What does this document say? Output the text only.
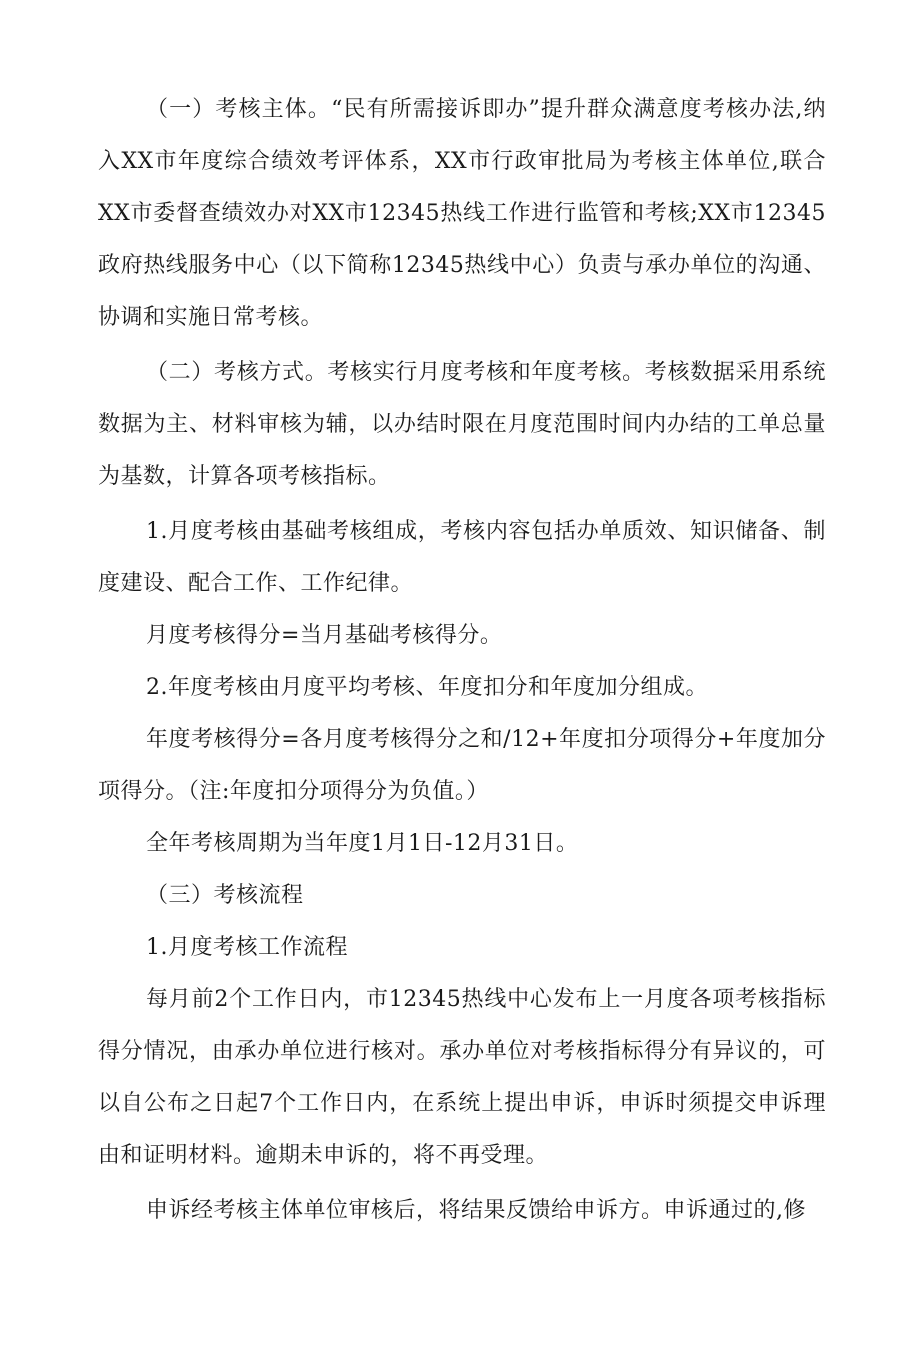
（一）考核主体。“民有所需接诉即办”提升群众满意度考核办法,纳入XX市年度综合绩效考评体系，XX市行政审批局为考核主体单位,联合XX市委督查绩效办对XX市12345热线工作进行监管和考核;XX市12345政府热线服务中心（以下简称12345热线中心）负责与承办单位的沟通、协调和实施日常考核。

（二）考核方式。考核实行月度考核和年度考核。考核数据采用系统数据为主、材料审核为辅，以办结时限在月度范围时间内办结的工单总量为基数，计算各项考核指标。

1.月度考核由基础考核组成，考核内容包括办单质效、知识储备、制度建设、配合工作、工作纪律。

月度考核得分=当月基础考核得分。

2.年度考核由月度平均考核、年度扣分和年度加分组成。

年度考核得分=各月度考核得分之和/12+年度扣分项得分+年度加分项得分。（注:年度扣分项得分为负值。）

全年考核周期为当年度1月1日-12月31日。

（三）考核流程

1.月度考核工作流程

每月前2个工作日内，市12345热线中心发布上一月度各项考核指标得分情况，由承办单位进行核对。承办单位对考核指标得分有异议的，可以自公布之日起7个工作日内，在系统上提出申诉，申诉时须提交申诉理由和证明材料。逾期未申诉的，将不再受理。

申诉经考核主体单位审核后，将结果反馈给申诉方。申诉通过的,修
